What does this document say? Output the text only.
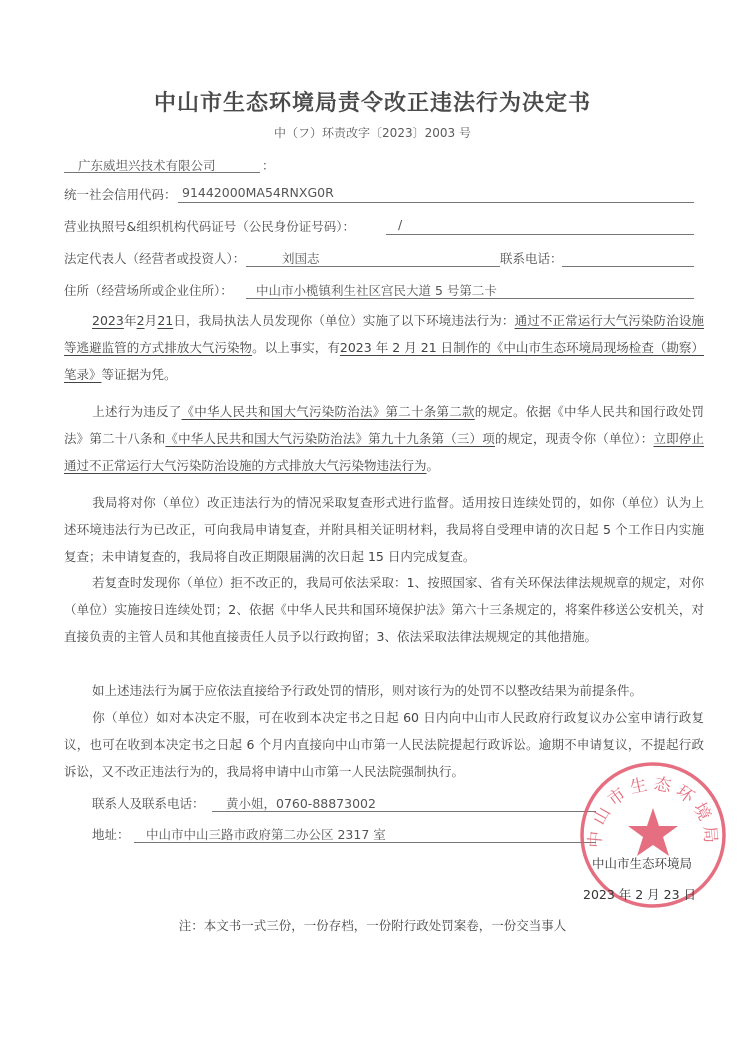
中山市生态环境局责令改正违法行为决定书
中（フ）环责改字〔2023〕2003 号
广东威坦兴技术有限公司	：
统一社会信用代码： 91442000MA54RNXG0R
营业执照号&组织机构代码证号（公民身份证号码）：	/
法定代表人（经营者或投资人）：	刘国志	联系电话：
住所（经营场所或企业住所）： 中山市小榄镇利生社区宫民大道 5 号第二卡
2023年2月21日，我局执法人员发现你（单位）实施了以下环境违法行为：通过不正常运行大气污染防治设施等逃避监管的方式排放大气污染物。以上事实，有2023 年 2 月 21 日制作的《中山市生态环境局现场检查（勘察）笔录》等证据为凭。
上述行为违反了《中华人民共和国大气污染防治法》第二十条第二款的规定。依据《中华人民共和国行政处罚法》第二十八条和《中华人民共和国大气污染防治法》第九十九条第（三）项的规定，现责令你（单位）：立即停止通过不正常运行大气污染防治设施的方式排放大气污染物违法行为。
我局将对你（单位）改正违法行为的情况采取复查形式进行监督。适用按日连续处罚的，如你（单位）认为上述环境违法行为已改正，可向我局申请复查，并附具相关证明材料，我局将自受理申请的次日起 5 个工作日内实施复查；未申请复查的，我局将自改正期限届满的次日起 15 日内完成复查。
若复查时发现你（单位）拒不改正的，我局可依法采取：1、按照国家、省有关环保法律法规规章的规定，对你（单位）实施按日连续处罚；2、依据《中华人民共和国环境保护法》第六十三条规定的，将案件移送公安机关，对直接负责的主管人员和其他直接责任人员予以行政拘留；3、依法采取法律法规规定的其他措施。
如上述违法行为属于应依法直接给予行政处罚的情形，则对该行为的处罚不以整改结果为前提条件。
你（单位）如对本决定不服，可在收到本决定书之日起 60 日内向中山市人民政府行政复议办公室申请行政复议，也可在收到本决定书之日起 6 个月内直接向中山市第一人民法院提起行政诉讼。逾期不申请复议，不提起行政诉讼，又不改正违法行为的，我局将申请中山市第一人民法院强制执行。
联系人及联系电话： 黄小姐，0760-88873002
地址： 中山市中山三路市政府第二办公区 2317 室	中山市生态环境局
中山市生态环境局
2023 年 2 月 23 日
注：本文书一式三份，一份存档，一份附行政处罚案卷，一份交当事人
